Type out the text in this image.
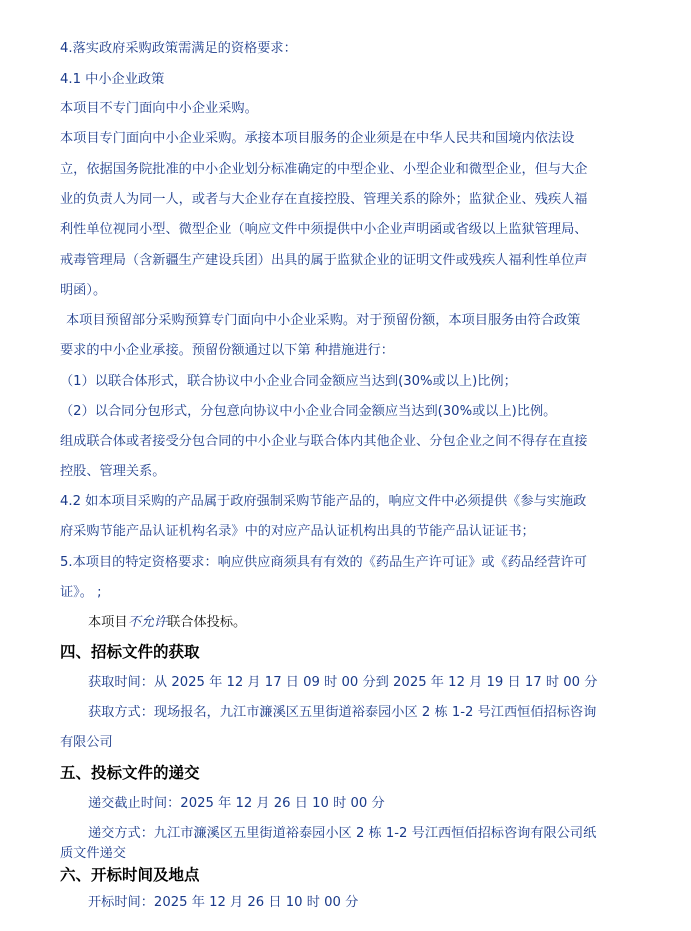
4.落实政府采购政策需满足的资格要求：
4.1 中小企业政策
本项目不专门面向中小企业采购。
本项目专门面向中小企业采购。承接本项目服务的企业须是在中华人民共和国境内依法设
立，依据国务院批准的中小企业划分标准确定的中型企业、小型企业和微型企业，但与大企
业的负责人为同一人，或者与大企业存在直接控股、管理关系的除外；监狱企业、残疾人福
利性单位视同小型、微型企业（响应文件中须提供中小企业声明函或省级以上监狱管理局、
戒毒管理局（含新疆生产建设兵团）出具的属于监狱企业的证明文件或残疾人福利性单位声
明函）。
本项目预留部分采购预算专门面向中小企业采购。对于预留份额，本项目服务由符合政策
要求的中小企业承接。预留份额通过以下第 种措施进行：
（1）以联合体形式，联合协议中小企业合同金额应当达到(30%或以上)比例；
（2）以合同分包形式，分包意向协议中小企业合同金额应当达到(30%或以上)比例。
组成联合体或者接受分包合同的中小企业与联合体内其他企业、分包企业之间不得存在直接
控股、管理关系。
4.2 如本项目采购的产品属于政府强制采购节能产品的，响应文件中必须提供《参与实施政
府采购节能产品认证机构名录》中的对应产品认证机构出具的节能产品认证证书；
5.本项目的特定资格要求：响应供应商须具有有效的《药品生产许可证》或《药品经营许可
证》。 ;
本项目不允许联合体投标。
四、招标文件的获取
获取时间：从 2025 年 12 月 17 日 09 时 00 分到 2025 年 12 月 19 日 17 时 00 分
获取方式：现场报名，九江市濂溪区五里街道裕泰园小区 2 栋 1-2 号江西恒佰招标咨询
有限公司
五、投标文件的递交
递交截止时间：2025 年 12 月 26 日 10 时 00 分
递交方式：九江市濂溪区五里街道裕泰园小区 2 栋 1-2 号江西恒佰招标咨询有限公司纸
质文件递交
六、开标时间及地点
开标时间：2025 年 12 月 26 日 10 时 00 分
